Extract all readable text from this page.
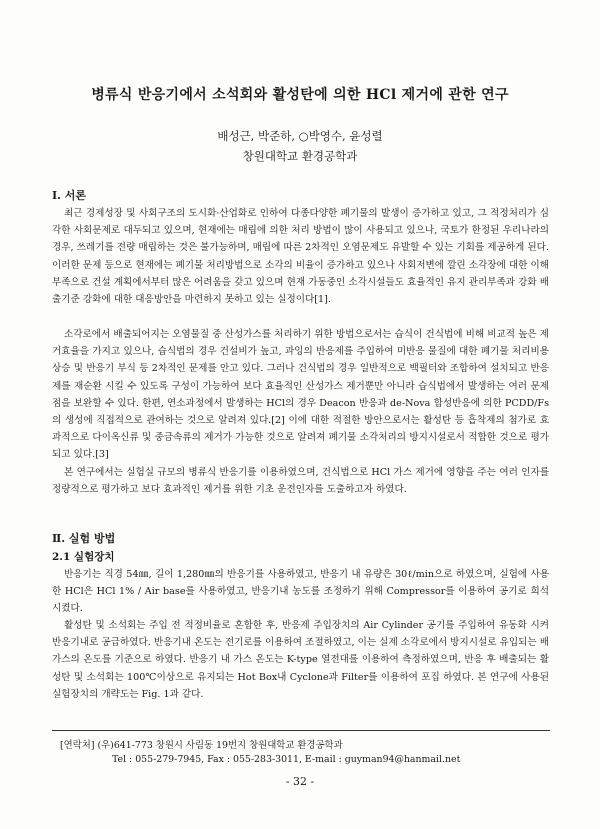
병류식 반응기에서 소석회와 활성탄에 의한 HCl 제거에 관한 연구
배성근, 박준하, ○박영수, 윤성렬
창원대학교 환경공학과
Ⅰ. 서론

최근 경제성장 및 사회구조의 도시화·산업화로 인하여 다종다양한 폐기물의 발생이 증가하고 있고, 그 적정처리가 심각한 사회문제로 대두되고 있으며, 현재에는 매립에 의한 처리 방법이 많이 사용되고 있으나, 국토가 한정된 우리나라의 경우, 쓰레기를 전량 매립하는 것은 불가능하며, 매립에 따른 2차적인 오염문제도 유발할 수 있는 기회를 제공하게 된다. 이러한 문제 등으로 현재에는 폐기물 처리방법으로 소각의 비율이 증가하고 있으나 사회저변에 깔린 소각장에 대한 이해부족으로 건설 계획에서부터 많은 어려움을 갖고 있으며 현재 가동중인 소각시설들도 효율적인 유지 관리부족과 강화 배출기준 강화에 대한 대응방안을 마련하지 못하고 있는 실정이다[1].

소각로에서 배출되어지는 오염물질 중 산성가스를 처리하기 위한 방법으로서는 습식이 건식법에 비해 비교적 높은 제거효율을 가지고 있으나, 습식법의 경우 건설비가 높고, 과잉의 반응제를 주입하여 미반응 물질에 대한 폐기물 처리비용 상승 및 반응기 부식 등 2차적인 문제를 안고 있다. 그러나 건식법의 경우 일반적으로 백필터와 조합하여 설치되고 반응제를 재순환 시킬 수 있도록 구성이 가능하여 보다 효율적인 산성가스 제거뿐만 아니라 습식법에서 발생하는 여러 문제점을 보완할 수 있다. 한편, 연소과정에서 발생하는 HCl의 경우 Deacon 반응과 de-Nova 합성반응에 의한 PCDD/Fs의 생성에 직접적으로 관여하는 것으로 알려져 있다.[2] 이에 대한 적절한 방안으로서는 활성탄 등 흡착제의 첨가로 효과적으로 다이옥신류 및 중금속류의 제거가 가능한 것으로 알려져 폐기물 소각처리의 방지시설로서 적합한 것으로 평가되고 있다.[3]

본 연구에서는 실험실 규모의 병류식 반응기를 이용하였으며, 건식법으로 HCl 가스 제거에 영향을 주는 여러 인자를 정량적으로 평가하고 보다 효과적인 제거를 위한 기초 운전인자를 도출하고자 하였다.

Ⅱ. 실험 방법
2.1 실험장치

반응기는 직경 54㎜, 길이 1,280㎜의 반응기를 사용하였고, 반응기 내 유량은 30ℓ/min으로 하였으며, 실험에 사용한 HCl은 HCl 1% / Air base를 사용하였고, 반응기내 농도를 조정하기 위해 Compressor를 이용하여 공기로 희석시켰다.

활성탄 및 소석회는 주입 전 적정비율로 혼합한 후, 반응제 주입장치의 Air Cylinder 공기를 주입하여 유동화 시켜 반응기내로 공급하였다. 반응기내 온도는 전기로를 이용하여 조절하였고, 이는 실제 소각로에서 방지시설로 유입되는 배가스의 온도를 기준으로 하였다. 반응기 내 가스 온도는 K-type 열전대를 이용하여 측정하였으며, 반응 후 배출되는 활성탄 및 소석회는 100℃이상으로 유지되는 Hot Box내 Cyclone과 Filter를 이용하여 포집 하였다. 본 연구에 사용된 실험장치의 개략도는 Fig. 1과 같다.

[연락처] (우)641-773 창원시 사림동 19번지 창원대학교 환경공학과
Tel : 055-279-7945, Fax : 055-283-3011, E-mail : guyman94@hanmail.net
- 32 -
